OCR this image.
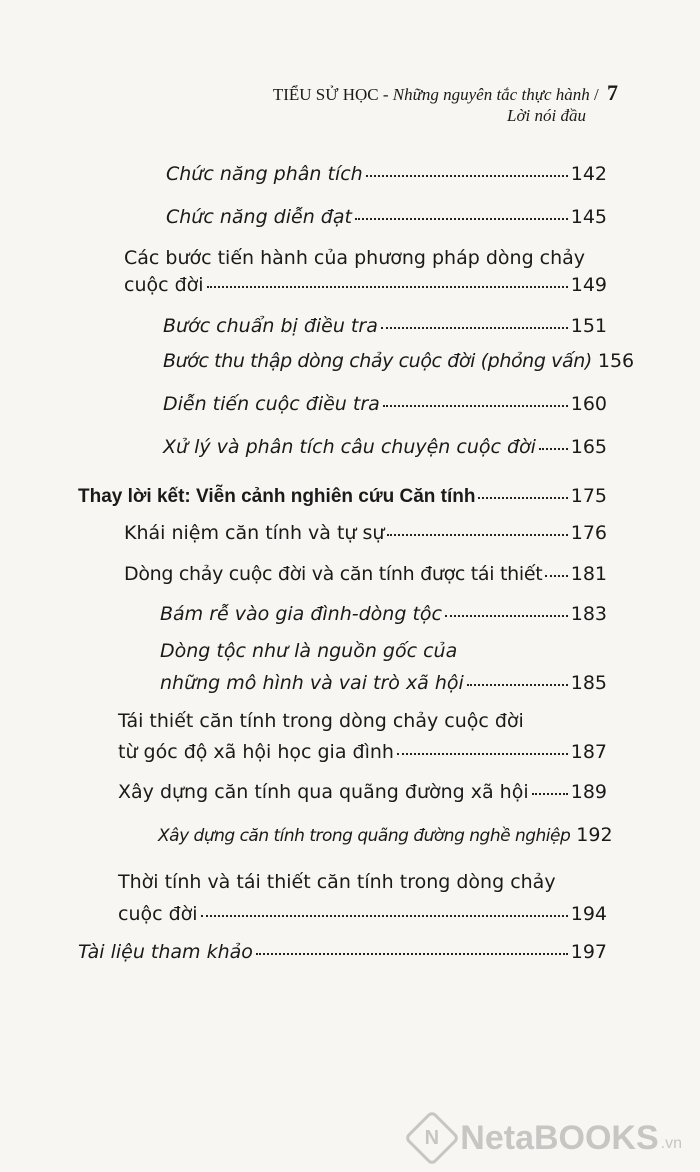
TIỂU SỬ HỌC - Những nguyên tắc thực hành / 7
Lời nói đầu
Chức năng phân tích	142
Chức năng diễn đạt	145
Các bước tiến hành của phương pháp dòng chảy
cuộc đời	149
Bước chuẩn bị điều tra	151
Bước thu thập dòng chảy cuộc đời (phỏng vấn) 156
Diễn tiến cuộc điều tra	160
Xử lý và phân tích câu chuyện cuộc đời 165
Thay lời kết: Viễn cảnh nghiên cứu Căn tính	175
Khái niệm căn tính và tự sự	176
Dòng chảy cuộc đời và căn tính được tái thiết 181
Bám rễ vào gia đình-dòng tộc	183
Dòng tộc như là nguồn gốc của
những mô hình và vai trò xã hội	185
Tái thiết căn tính trong dòng chảy cuộc đời
từ góc độ xã hội học gia đình	187
Xây dựng căn tính qua quãng đường xã hội 189
Xây dựng căn tính trong quãng đường nghề nghiệp 192
Thời tính và tái thiết căn tính trong dòng chảy
cuộc đời	194
Tài liệu tham khảo	197
N NetaBOOKS .vn
